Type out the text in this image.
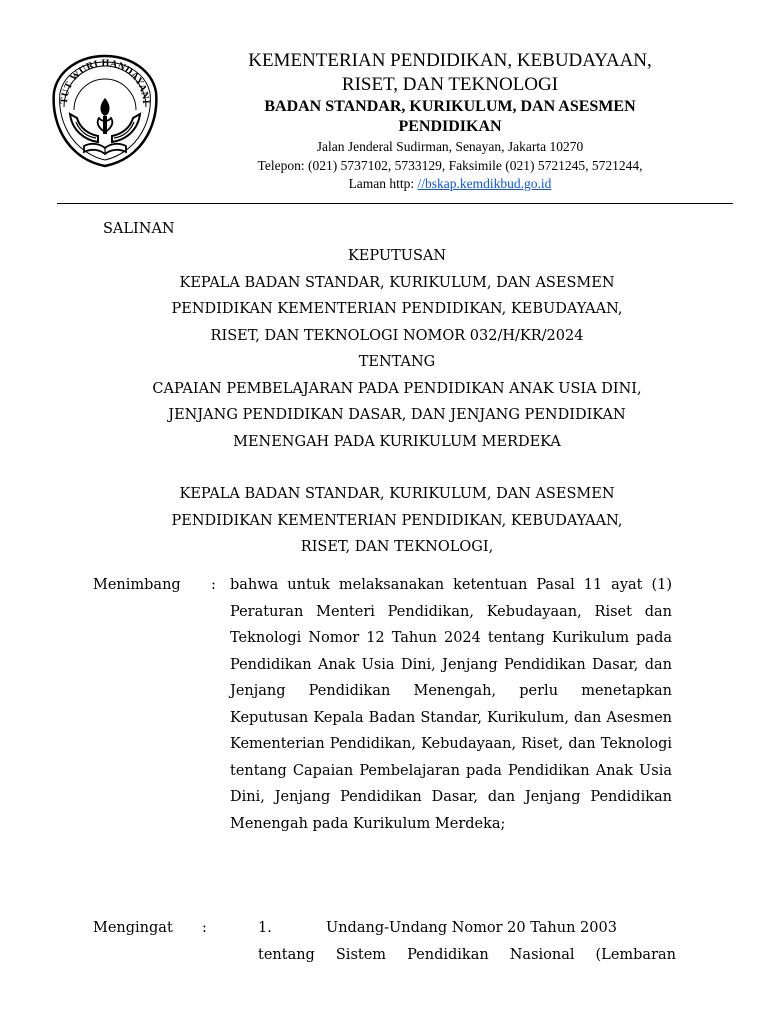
TUT WURI HANDAYANI
KEMENTERIAN PENDIDIKAN, KEBUDAYAAN,
RISET, DAN TEKNOLOGI
BADAN STANDAR, KURIKULUM, DAN ASESMEN
PENDIDIKAN
Jalan Jenderal Sudirman, Senayan, Jakarta 10270
Telepon: (021) 5737102, 5733129, Faksimile (021) 5721245, 5721244,
Laman http: //bskap.kemdikbud.go.id
SALINAN
KEPUTUSAN
KEPALA BADAN STANDAR, KURIKULUM, DAN ASESMEN
PENDIDIKAN KEMENTERIAN PENDIDIKAN, KEBUDAYAAN,
RISET, DAN TEKNOLOGI NOMOR 032/H/KR/2024
TENTANG
CAPAIAN PEMBELAJARAN PADA PENDIDIKAN ANAK USIA DINI,
JENJANG PENDIDIKAN DASAR, DAN JENJANG PENDIDIKAN
MENENGAH PADA KURIKULUM MERDEKA
KEPALA BADAN STANDAR, KURIKULUM, DAN ASESMEN
PENDIDIKAN KEMENTERIAN PENDIDIKAN, KEBUDAYAAN,
RISET, DAN TEKNOLOGI,
Menimbang : bahwa untuk melaksanakan ketentuan Pasal 11 ayat (1) Peraturan Menteri Pendidikan, Kebudayaan, Riset dan Teknologi Nomor 12 Tahun 2024 tentang Kurikulum pada Pendidikan Anak Usia Dini, Jenjang Pendidikan Dasar, dan Jenjang Pendidikan Menengah, perlu menetapkan Keputusan Kepala Badan Standar, Kurikulum, dan Asesmen Kementerian Pendidikan, Kebudayaan, Riset, dan Teknologi tentang Capaian Pembelajaran pada Pendidikan Anak Usia Dini, Jenjang Pendidikan Dasar, dan Jenjang Pendidikan Menengah pada Kurikulum Merdeka;
Mengingat :	1.	Undang-Undang Nomor 20 Tahun 2003
tentang Sistem Pendidikan Nasional (Lembaran
